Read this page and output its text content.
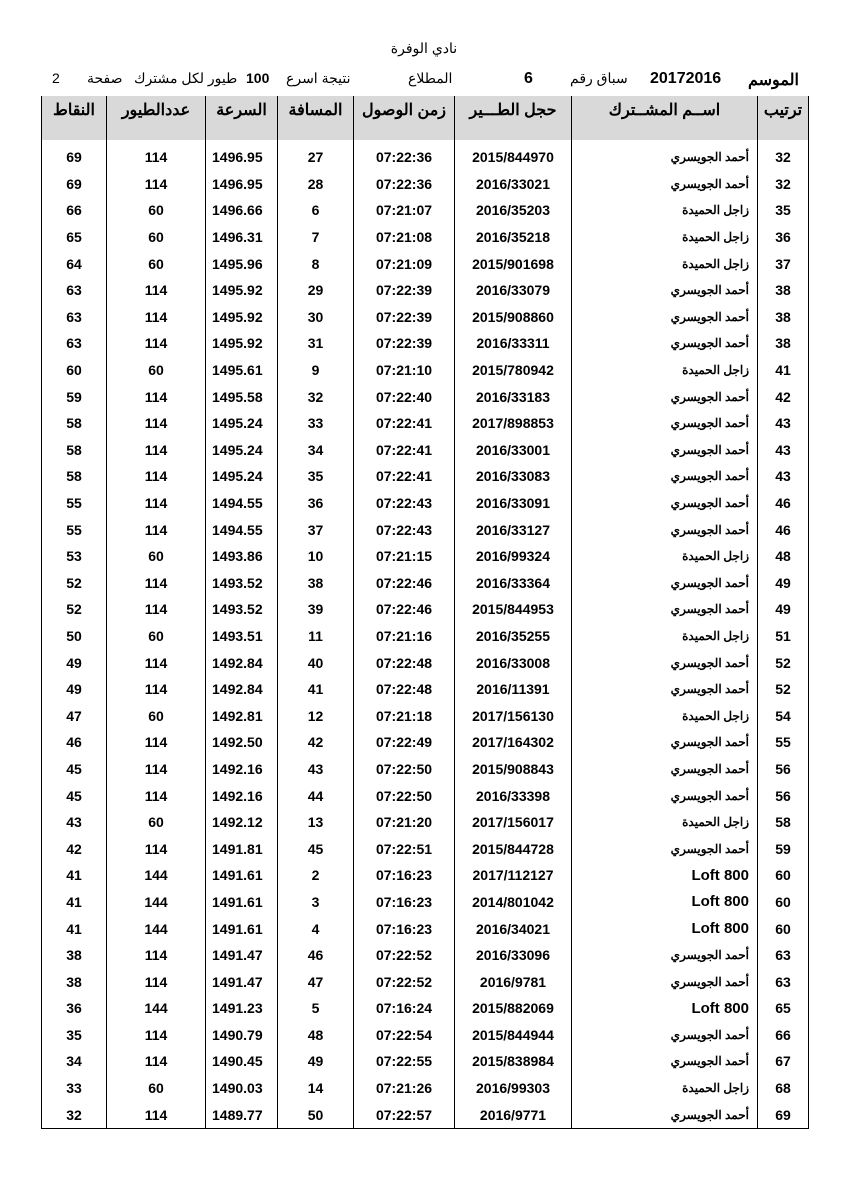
نادي الوفرة
2 صفحة طيور لكل مشترك 100 نتيجة اسرع	المطلاع	6	سباق رقم 20172016 الموسم
النقاط	عددالطيور	السرعة	المسافة	زمن الوصول	حجل الطـــير	اســم المشــترك	ترتيب

69	114	1496.95	27	07:22:36	2015/844970	أحمد الجويسري	32
69	114	1496.95	28	07:22:36	2016/33021	أحمد الجويسري	32
66	60	1496.66	6	07:21:07	2016/35203	زاجل الحميدة	35
65	60	1496.31	7	07:21:08	2016/35218	زاجل الحميدة	36
64	60	1495.96	8	07:21:09	2015/901698	زاجل الحميدة	37
63	114	1495.92	29	07:22:39	2016/33079	أحمد الجويسري	38
63	114	1495.92	30	07:22:39	2015/908860	أحمد الجويسري	38
63	114	1495.92	31	07:22:39	2016/33311	أحمد الجويسري	38
60	60	1495.61	9	07:21:10	2015/780942	زاجل الحميدة	41
59	114	1495.58	32	07:22:40	2016/33183	أحمد الجويسري	42
58	114	1495.24	33	07:22:41	2017/898853	أحمد الجويسري	43
58	114	1495.24	34	07:22:41	2016/33001	أحمد الجويسري	43
58	114	1495.24	35	07:22:41	2016/33083	أحمد الجويسري	43
55	114	1494.55	36	07:22:43	2016/33091	أحمد الجويسري	46
55	114	1494.55	37	07:22:43	2016/33127	أحمد الجويسري	46
53	60	1493.86	10	07:21:15	2016/99324	زاجل الحميدة	48
52	114	1493.52	38	07:22:46	2016/33364	أحمد الجويسري	49
52	114	1493.52	39	07:22:46	2015/844953	أحمد الجويسري	49
50	60	1493.51	11	07:21:16	2016/35255	زاجل الحميدة	51
49	114	1492.84	40	07:22:48	2016/33008	أحمد الجويسري	52
49	114	1492.84	41	07:22:48	2016/11391	أحمد الجويسري	52
47	60	1492.81	12	07:21:18	2017/156130	زاجل الحميدة	54
46	114	1492.50	42	07:22:49	2017/164302	أحمد الجويسري	55
45	114	1492.16	43	07:22:50	2015/908843	أحمد الجويسري	56
45	114	1492.16	44	07:22:50	2016/33398	أحمد الجويسري	56
43	60	1492.12	13	07:21:20	2017/156017	زاجل الحميدة	58
42	114	1491.81	45	07:22:51	2015/844728	أحمد الجويسري	59
41	144	1491.61	2	07:16:23	2017/112127	Loft 800	60
41	144	1491.61	3	07:16:23	2014/801042	Loft 800	60
41	144	1491.61	4	07:16:23	2016/34021	Loft 800	60
38	114	1491.47	46	07:22:52	2016/33096	أحمد الجويسري	63
38	114	1491.47	47	07:22:52	2016/9781	أحمد الجويسري	63
36	144	1491.23	5	07:16:24	2015/882069	Loft 800	65
35	114	1490.79	48	07:22:54	2015/844944	أحمد الجويسري	66
34	114	1490.45	49	07:22:55	2015/838984	أحمد الجويسري	67
33	60	1490.03	14	07:21:26	2016/99303	زاجل الحميدة	68
32	114	1489.77	50	07:22:57	2016/9771	أحمد الجويسري	69
